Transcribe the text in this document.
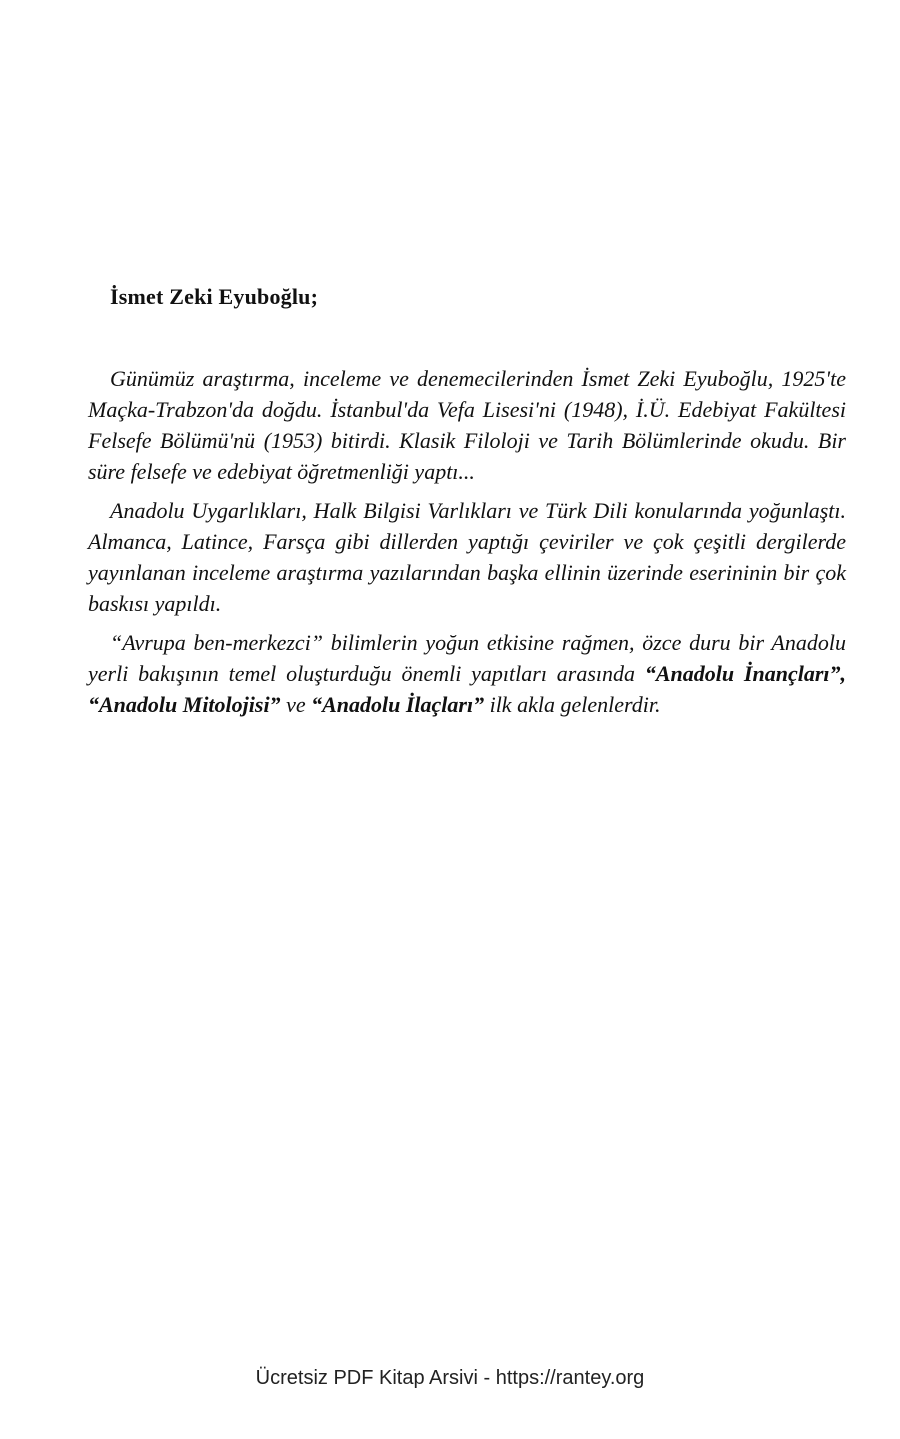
İsmet Zeki Eyuboğlu;

Günümüz araştırma, inceleme ve denemecilerinden İsmet Zeki Eyuboğlu, 1925'te Maçka-Trabzon'da doğdu. İstanbul'da Vefa Lisesi'ni (1948), İ.Ü. Edebiyat Fakültesi Felsefe Bölümü'nü (1953) bitirdi. Klasik Filoloji ve Tarih Bölümlerinde okudu. Bir süre felsefe ve edebiyat öğretmenliği yaptı...

Anadolu Uygarlıkları, Halk Bilgisi Varlıkları ve Türk Dili konularında yoğunlaştı. Almanca, Latince, Farsça gibi dillerden yaptığı çeviriler ve çok çeşitli dergilerde yayınlanan inceleme araştırma yazılarından başka ellinin üzerinde eserininin bir çok baskısı yapıldı.

“Avrupa ben-merkezci” bilimlerin yoğun etkisine rağmen, özce duru bir Anadolu yerli bakışının temel oluşturduğu önemli yapıtları arasında “Anadolu İnançları”, “Anadolu Mitolojisi” ve “Anadolu İlaçları” ilk akla gelenlerdir.

Ücretsiz PDF Kitap Arsivi - https://rantey.org
